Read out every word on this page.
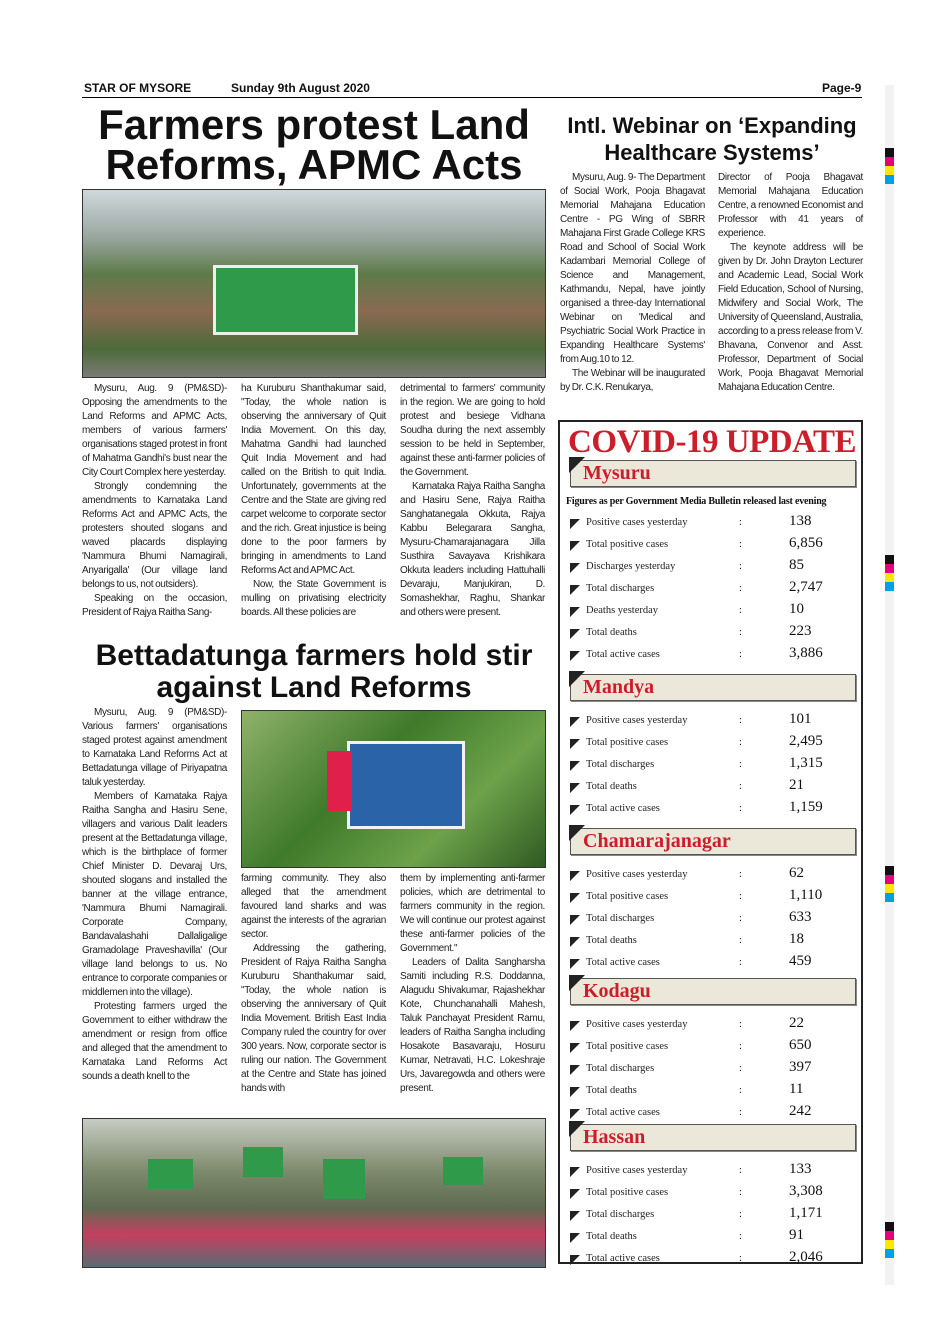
STAR OF MYSORE	Sunday 9th August 2020	Page-9
Farmers protest Land
Reforms, APMC Acts

Mysuru, Aug. 9 (PM&SD)- Opposing the amendments to the Land Reforms and APMC Acts, members of various farmers' organisations staged protest in front of Mahatma Gandhi's bust near the City Court Complex here yesterday.

Strongly condemning the amendments to Karnataka Land Reforms Act and APMC Acts, the protesters shouted slogans and waved placards displaying 'Nammura Bhumi Namagirali, Anyarigalla' (Our village land belongs to us, not outsiders).

Speaking on the occasion, President of Rajya Raitha Sang-

ha Kuruburu Shanthakumar said, "Today, the whole nation is observing the anniversary of Quit India Movement. On this day, Mahatma Gandhi had launched Quit India Movement and had called on the British to quit India. Unfortunately, governments at the Centre and the State are giving red carpet welcome to corporate sector and the rich. Great injustice is being done to the poor farmers by bringing in amendments to Land Reforms Act and APMC Act.

Now, the State Government is mulling on privatising electricity boards. All these policies are

detrimental to farmers' community in the region. We are going to hold protest and besiege Vidhana Soudha during the next assembly session to be held in September, against these anti-farmer policies of the Government.

Karnataka Rajya Raitha Sangha and Hasiru Sene, Rajya Raitha Sanghatanegala Okkuta, Rajya Kabbu Belegarara Sangha, Mysuru-Chamarajanagara Jilla Susthira Savayava Krishikara Okkuta leaders including Hattuhalli Devaraju, Manjukiran, D. Somashekhar, Raghu, Shankar and others were present.

Bettadatunga farmers hold stir
against Land Reforms

Mysuru, Aug. 9 (PM&SD)- Various farmers' organisations staged protest against amendment to Karnataka Land Reforms Act at Bettadatunga village of Piriyapatna taluk yesterday.

Members of Karnataka Rajya Raitha Sangha and Hasiru Sene, villagers and various Dalit leaders present at the Bettadatunga village, which is the birthplace of former Chief Minister D. Devaraj Urs, shouted slogans and installed the banner at the village entrance, 'Nammura Bhumi Namagirali. Corporate Company, Bandavalashahi Dallaligalige Gramadolage Praveshavilla' (Our village land belongs to us. No entrance to corporate companies or middlemen into the village).

Protesting farmers urged the Government to either withdraw the amendment or resign from office and alleged that the amendment to Karnataka Land Reforms Act sounds a death knell to the

farming community. They also alleged that the amendment favoured land sharks and was against the interests of the agrarian sector.

Addressing the gathering, President of Rajya Raitha Sangha Kuruburu Shanthakumar said, "Today, the whole nation is observing the anniversary of Quit India Movement. British East India Company ruled the country for over 300 years. Now, corporate sector is ruling our nation. The Government at the Centre and State has joined hands with

them by implementing anti-farmer policies, which are detrimental to farmers community in the region. We will continue our protest against these anti-farmer policies of the Government."

Leaders of Dalita Sangharsha Samiti including R.S. Doddanna, Alagudu Shivakumar, Rajashekhar Kote, Chunchanahalli Mahesh, Taluk Panchayat President Ramu, leaders of Raitha Sangha including Hosakote Basavaraju, Hosuru Kumar, Netravati, H.C. Lokeshraje Urs, Javaregowda and others were present.

Intl. Webinar on ‘Expanding
Healthcare Systems’

Mysuru, Aug. 9- The Department of Social Work, Pooja Bhagavat Memorial Mahajana Education Centre - PG Wing of SBRR Mahajana First Grade College KRS Road and School of Social Work Kadambari Memorial College of Science and Management, Kathmandu, Nepal, have jointly organised a three-day International Webinar on 'Medical and Psychiatric Social Work Practice in Expanding Healthcare Systems' from Aug.10 to 12.

The Webinar will be inaugurated by Dr. C.K. Renukarya,

Director of Pooja Bhagavat Memorial Mahajana Education Centre, a renowned Economist and Professor with 41 years of experience.

The keynote address will be given by Dr. John Drayton Lecturer and Academic Lead, Social Work Field Education, School of Nursing, Midwifery and Social Work, The University of Queensland, Australia, according to a press release from V. Bhavana, Convenor and Asst. Professor, Department of Social Work, Pooja Bhagavat Memorial Mahajana Education Centre.

COVID-19 UPDATE
Figures as per Government Media Bulletin released last evening
Mysuru
Positive cases yesterday	:	138
Total positive cases	:	6,856
Discharges yesterday	:	85
Total discharges	:	2,747
Deaths yesterday	:	10
Total deaths	:	223
Total active cases	:	3,886
Mandya
Positive cases yesterday	:	101
Total positive cases	:	2,495
Total discharges	:	1,315
Total deaths	:	21
Total active cases	:	1,159
Chamarajanagar
Positive cases yesterday	:	62
Total positive cases	:	1,110
Total discharges	:	633
Total deaths	:	18
Total active cases	:	459
Kodagu
Positive cases yesterday	:	22
Total positive cases	:	650
Total discharges	:	397
Total deaths	:	11
Total active cases	:	242
Hassan
Positive cases yesterday	:	133
Total positive cases	:	3,308
Total discharges	:	1,171
Total deaths	:	91
Total active cases	:	2,046
